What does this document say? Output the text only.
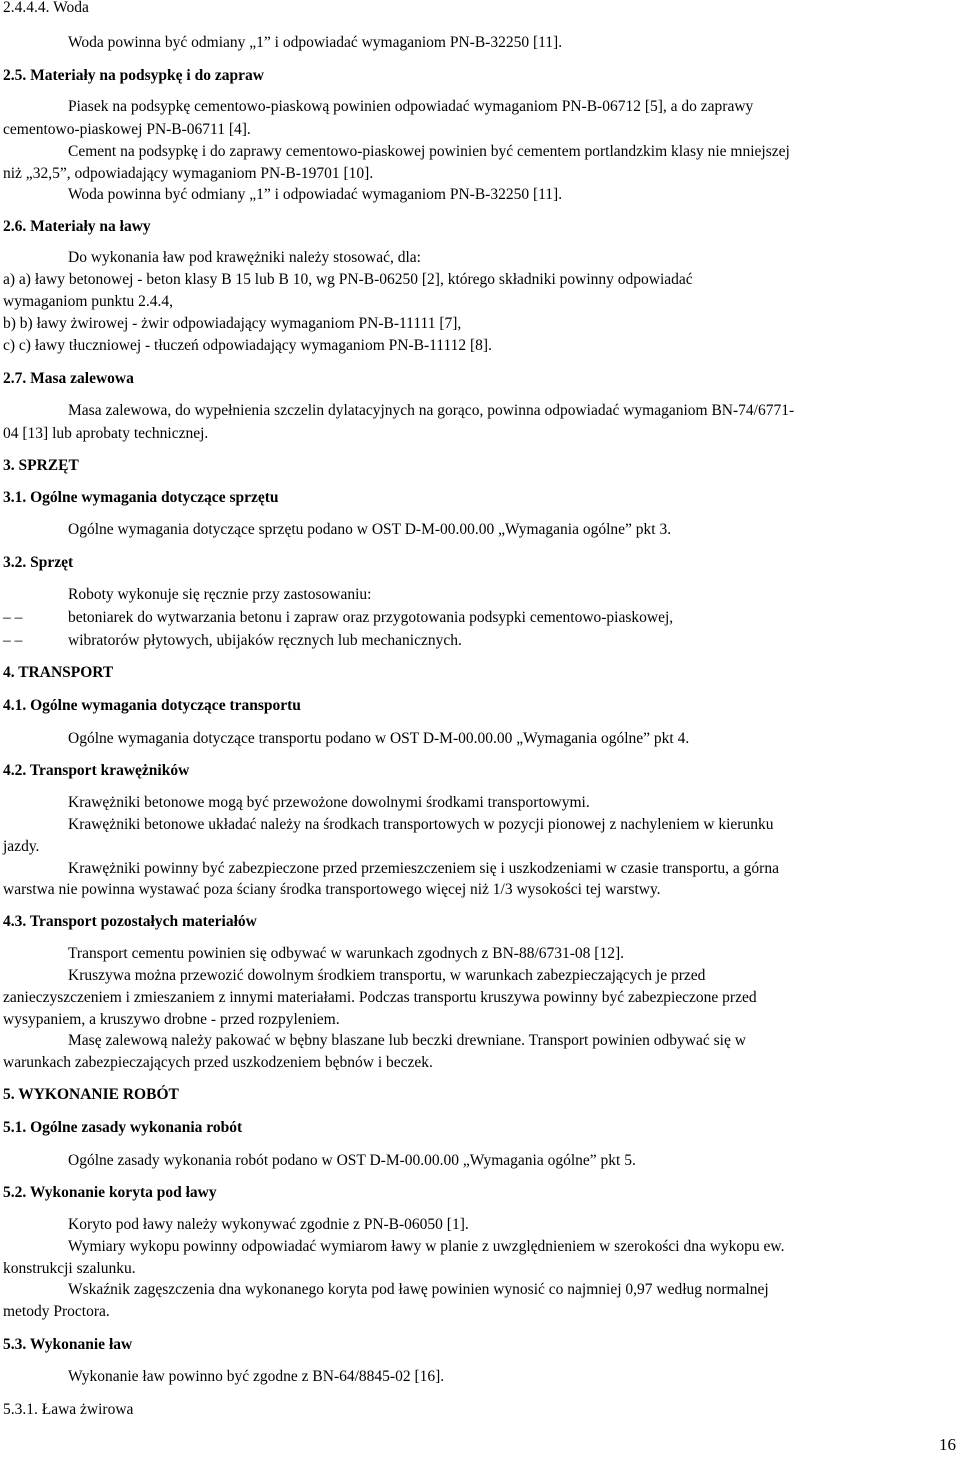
2.4.4.4. Woda
Woda powinna być odmiany „1” i odpowiadać wymaganiom PN-B-32250 [11].
2.5. Materiały na podsypkę i do zapraw
Piasek na podsypkę cementowo-piaskową powinien odpowiadać wymaganiom PN-B-06712 [5], a do zaprawy
cementowo-piaskowej PN-B-06711 [4].
Cement na podsypkę i do zaprawy cementowo-piaskowej powinien być cementem portlandzkim klasy nie mniejszej
niż „32,5”, odpowiadający wymaganiom PN-B-19701 [10].
Woda powinna być odmiany „1” i odpowiadać wymaganiom PN-B-32250 [11].
2.6. Materiały na ławy
Do wykonania ław pod krawężniki należy stosować, dla:
a) a) ławy betonowej - beton klasy B 15 lub B 10, wg PN-B-06250 [2], którego składniki powinny odpowiadać
wymaganiom punktu 2.4.4,
b) b) ławy żwirowej - żwir odpowiadający wymaganiom PN-B-11111 [7],
c) c) ławy tłuczniowej - tłuczeń odpowiadający wymaganiom PN-B-11112 [8].
2.7. Masa zalewowa
Masa zalewowa, do wypełnienia szczelin dylatacyjnych na gorąco, powinna odpowiadać wymaganiom BN-74/6771-
04 [13] lub aprobaty technicznej.
3. SPRZĘT
3.1. Ogólne wymagania dotyczące sprzętu
Ogólne wymagania dotyczące sprzętu podano w OST D-M-00.00.00 „Wymagania ogólne” pkt 3.
3.2. Sprzęt
Roboty wykonuje się ręcznie przy zastosowaniu:
– –	betoniarek do wytwarzania betonu i zapraw oraz przygotowania podsypki cementowo-piaskowej,
– –	wibratorów płytowych, ubijaków ręcznych lub mechanicznych.
4. TRANSPORT
4.1. Ogólne wymagania dotyczące transportu
Ogólne wymagania dotyczące transportu podano w OST D-M-00.00.00 „Wymagania ogólne” pkt 4.
4.2. Transport krawężników
Krawężniki betonowe mogą być przewożone dowolnymi środkami transportowymi.
Krawężniki betonowe układać należy na środkach transportowych w pozycji pionowej z nachyleniem w kierunku
jazdy.
Krawężniki powinny być zabezpieczone przed przemieszczeniem się i uszkodzeniami w czasie transportu, a górna
warstwa nie powinna wystawać poza ściany środka transportowego więcej niż 1/3 wysokości tej warstwy.
4.3. Transport pozostałych materiałów
Transport cementu powinien się odbywać w warunkach zgodnych z BN-88/6731-08 [12].
Kruszywa można przewozić dowolnym środkiem transportu, w warunkach zabezpieczających je przed
zanieczyszczeniem i zmieszaniem z innymi materiałami. Podczas transportu kruszywa powinny być zabezpieczone przed
wysypaniem, a kruszywo drobne - przed rozpyleniem.
Masę zalewową należy pakować w bębny blaszane lub beczki drewniane. Transport powinien odbywać się w
warunkach zabezpieczających przed uszkodzeniem bębnów i beczek.
5. WYKONANIE ROBÓT
5.1. Ogólne zasady wykonania robót
Ogólne zasady wykonania robót podano w OST D-M-00.00.00 „Wymagania ogólne” pkt 5.
5.2. Wykonanie koryta pod ławy
Koryto pod ławy należy wykonywać zgodnie z PN-B-06050 [1].
Wymiary wykopu powinny odpowiadać wymiarom ławy w planie z uwzględnieniem w szerokości dna wykopu ew.
konstrukcji szalunku.
Wskaźnik zagęszczenia dna wykonanego koryta pod ławę powinien wynosić co najmniej 0,97 według normalnej
metody Proctora.
5.3. Wykonanie ław
Wykonanie ław powinno być zgodne z BN-64/8845-02 [16].
5.3.1. Ława żwirowa
16
